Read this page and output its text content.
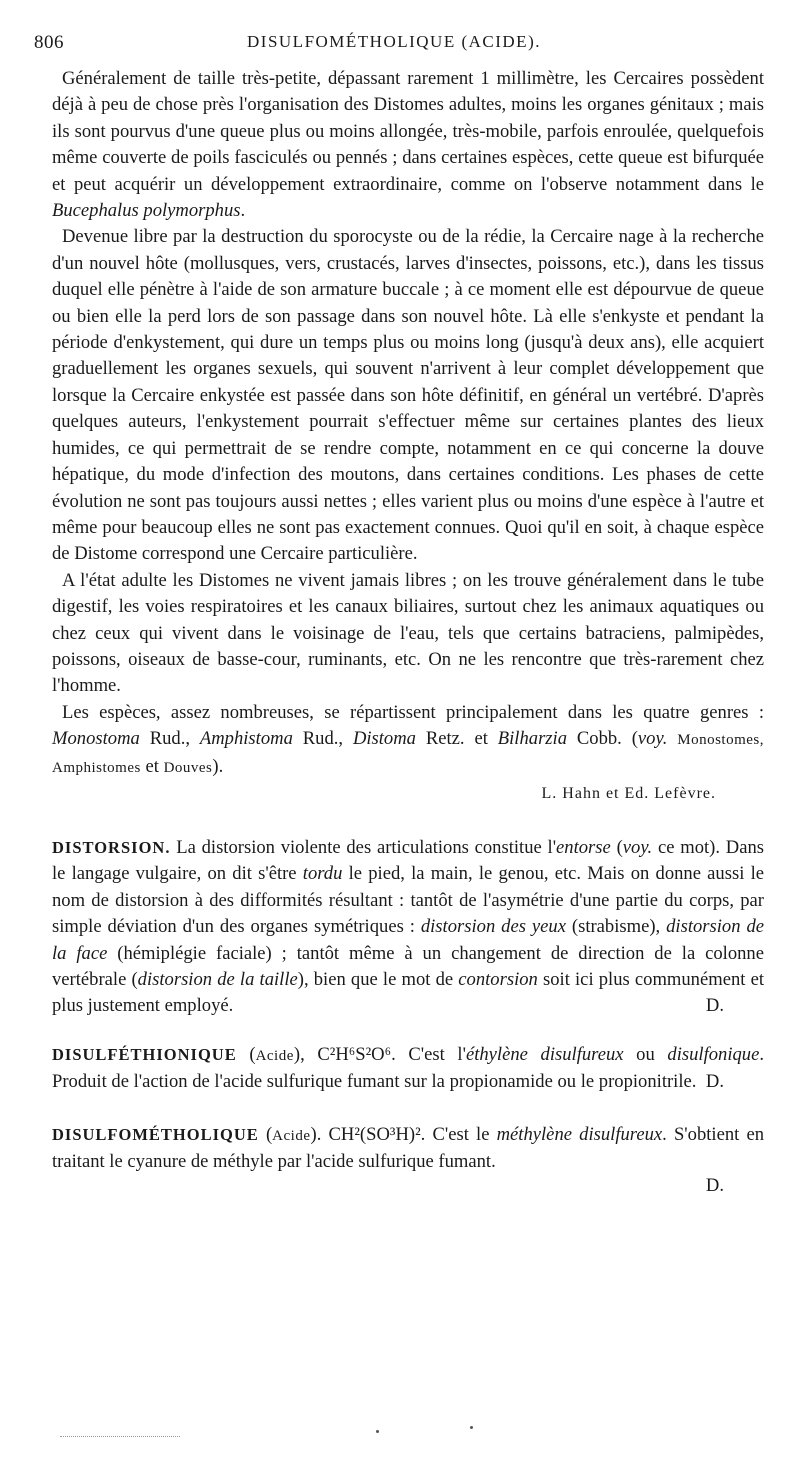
806	DISULFOMÉTHOLIQUE (ACIDE).

Généralement de taille très-petite, dépassant rarement 1 millimètre, les Cercaires possèdent déjà à peu de chose près l'organisation des Distomes adultes, moins les organes génitaux ; mais ils sont pourvus d'une queue plus ou moins allongée, très-mobile, parfois enroulée, quelquefois même couverte de poils fasciculés ou pennés ; dans certaines espèces, cette queue est bifurquée et peut acquérir un développement extraordinaire, comme on l'observe notamment dans le Bucephalus polymorphus.

Devenue libre par la destruction du sporocyste ou de la rédie, la Cercaire nage à la recherche d'un nouvel hôte (mollusques, vers, crustacés, larves d'insectes, poissons, etc.), dans les tissus duquel elle pénètre à l'aide de son armature buccale ; à ce moment elle est dépourvue de queue ou bien elle la perd lors de son passage dans son nouvel hôte. Là elle s'enkyste et pendant la période d'enkystement, qui dure un temps plus ou moins long (jusqu'à deux ans), elle acquiert graduellement les organes sexuels, qui souvent n'arrivent à leur complet développement que lorsque la Cercaire enkystée est passée dans son hôte définitif, en général un vertébré. D'après quelques auteurs, l'enkystement pourrait s'effectuer même sur certaines plantes des lieux humides, ce qui permettrait de se rendre compte, notamment en ce qui concerne la douve hépatique, du mode d'infection des moutons, dans certaines conditions. Les phases de cette évolution ne sont pas toujours aussi nettes ; elles varient plus ou moins d'une espèce à l'autre et même pour beaucoup elles ne sont pas exactement connues. Quoi qu'il en soit, à chaque espèce de Distome correspond une Cercaire particulière.

A l'état adulte les Distomes ne vivent jamais libres ; on les trouve généralement dans le tube digestif, les voies respiratoires et les canaux biliaires, surtout chez les animaux aquatiques ou chez ceux qui vivent dans le voisinage de l'eau, tels que certains batraciens, palmipèdes, poissons, oiseaux de basse-cour, ruminants, etc. On ne les rencontre que très-rarement chez l'homme.

Les espèces, assez nombreuses, se répartissent principalement dans les quatre genres : Monostoma Rud., Amphistoma Rud., Distoma Retz. et Bilharzia Cobb. (voy. Monostomes, Amphistomes et Douves).

L. Hahn et Ed. Lefèvre.

DISTORSION. La distorsion violente des articulations constitue l'entorse (voy. ce mot). Dans le langage vulgaire, on dit s'être tordu le pied, la main, le genou, etc. Mais on donne aussi le nom de distorsion à des difformités résultant : tantôt de l'asymétrie d'une partie du corps, par simple déviation d'un des organes symétriques : distorsion des yeux (strabisme), distorsion de la face (hémiplégie faciale) ; tantôt même à un changement de direction de la colonne vertébrale (distorsion de la taille), bien que le mot de contorsion soit ici plus communément et plus justement employé.	D.

DISULFÉTHIONIQUE (Acide), C²H⁶S²O⁶. C'est l'éthylène disulfureux ou disulfonique. Produit de l'action de l'acide sulfurique fumant sur la propionamide ou le propionitrile. D.

DISULFOMÉTHOLIQUE (Acide). CH²(SO³H)². C'est le méthylène disulfureux. S'obtient en traitant le cyanure de méthyle par l'acide sulfurique fumant.

D.
